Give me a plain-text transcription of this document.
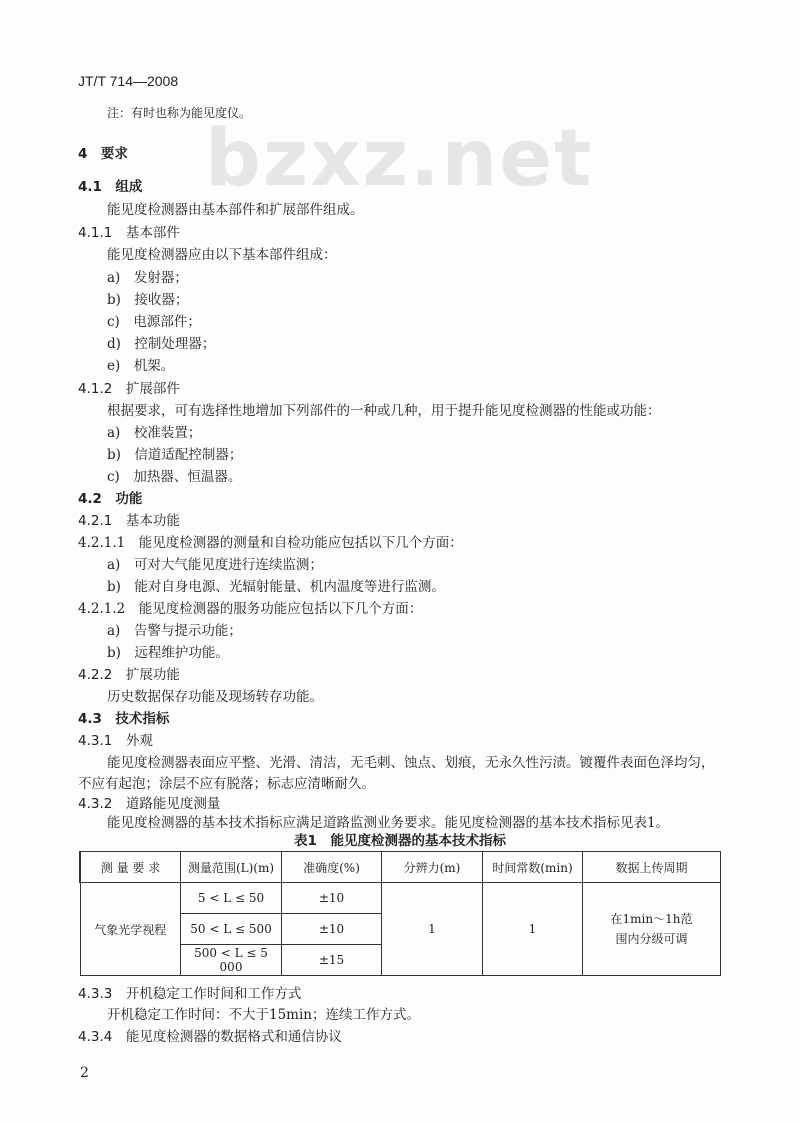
bzxz.net
JT/T 714—2008
注：有时也称为能见度仪。
4　要求
4.1　组成
能见度检测器由基本部件和扩展部件组成。
4.1.1　基本部件
能见度检测器应由以下基本部件组成：
a)　发射器；
b)　接收器；
c)　电源部件；
d)　控制处理器；
e)　机架。
4.1.2　扩展部件
根据要求，可有选择性地增加下列部件的一种或几种，用于提升能见度检测器的性能或功能：
a)　校准装置；
b)　信道适配控制器；
c)　加热器、恒温器。
4.2　功能
4.2.1　基本功能
4.2.1.1　能见度检测器的测量和自检功能应包括以下几个方面：
a)　可对大气能见度进行连续监测；
b)　能对自身电源、光辐射能量、机内温度等进行监测。
4.2.1.2　能见度检测器的服务功能应包括以下几个方面：
a)　告警与提示功能；
b)　远程维护功能。
4.2.2　扩展功能
历史数据保存功能及现场转存功能。
4.3　技术指标
4.3.1　外观
能见度检测器表面应平整、光滑、清洁，无毛刺、蚀点、划痕，无永久性污渍。镀覆件表面色泽均匀，
不应有起泡；涂层不应有脱落；标志应清晰耐久。
4.3.2　道路能见度测量
能见度检测器的基本技术指标应满足道路监测业务要求。能见度检测器的基本技术指标见表1。
表1　能见度检测器的基本技术指标
测 量 要 求	测量范围(L)(m)	准确度(%)	分辨力(m)	时间常数(min)	数据上传周期
气象光学视程	5 < L ≤ 50	±10	1	1	在1min～1h范围内分级可调
	50 < L ≤ 500	±10			
	500 < L ≤ 5 000	±15			
4.3.3　开机稳定工作时间和工作方式
开机稳定工作时间：不大于15min；连续工作方式。
4.3.4　能见度检测器的数据格式和通信协议
2
